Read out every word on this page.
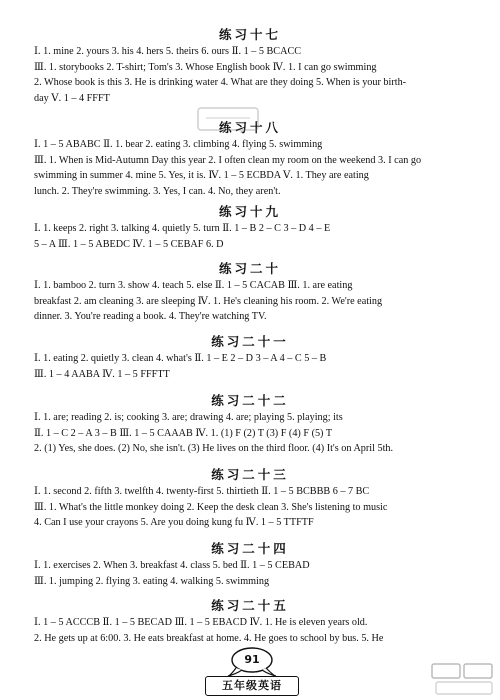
练习十七
Ⅰ. 1. mine 2. yours 3. his 4. hers 5. theirs 6. ours Ⅱ. 1 – 5 BCACC
Ⅲ. 1. storybooks 2. T-shirt; Tom's 3. Whose English book Ⅳ. 1. I can go swimming
2. Whose book is this 3. He is drinking water 4. What are they doing 5. When is your birth-
day Ⅴ. 1 – 4 FFFT
练习十八
Ⅰ. 1 – 5 ABABC Ⅱ. 1. bear 2. eating 3. climbing 4. flying 5. swimming
Ⅲ. 1. When is Mid-Autumn Day this year 2. I often clean my room on the weekend 3. I can go
swimming in summer 4. mine 5. Yes, it is. Ⅳ. 1 – 5 ECBDA Ⅴ. 1. They are eating
lunch. 2. They're swimming. 3. Yes, I can. 4. No, they aren't.
练习十九
Ⅰ. 1. keeps 2. right 3. talking 4. quietly 5. turn Ⅱ. 1 – B 2 – C 3 – D 4 – E
5 – A Ⅲ. 1 – 5 ABEDC Ⅳ. 1 – 5 CEBAF 6. D
练习二十
Ⅰ. 1. bamboo 2. turn 3. show 4. teach 5. else Ⅱ. 1 – 5 CACAB Ⅲ. 1. are eating
breakfast 2. am cleaning 3. are sleeping Ⅳ. 1. He's cleaning his room. 2. We're eating
dinner. 3. You're reading a book. 4. They're watching TV.
练习二十一
Ⅰ. 1. eating 2. quietly 3. clean 4. what's Ⅱ. 1 – E 2 – D 3 – A 4 – C 5 – B
Ⅲ. 1 – 4 AABA Ⅳ. 1 – 5 FFFTT
练习二十二
Ⅰ. 1. are; reading 2. is; cooking 3. are; drawing 4. are; playing 5. playing; its
Ⅱ. 1 – C 2 – A 3 – B Ⅲ. 1 – 5 CAAAB Ⅳ. 1. (1) F (2) T (3) F (4) F (5) T
2. (1) Yes, she does. (2) No, she isn't. (3) He lives on the third floor. (4) It's on April 5th.
练习二十三
Ⅰ. 1. second 2. fifth 3. twelfth 4. twenty-first 5. thirtieth Ⅱ. 1 – 5 BCBBB 6 – 7 BC
Ⅲ. 1. What's the little monkey doing 2. Keep the desk clean 3. She's listening to music
4. Can I use your crayons 5. Are you doing kung fu Ⅳ. 1 – 5 TTFTF
练习二十四
Ⅰ. 1. exercises 2. When 3. breakfast 4. class 5. bed Ⅱ. 1 – 5 CEBAD
Ⅲ. 1. jumping 2. flying 3. eating 4. walking 5. swimming
练习二十五
Ⅰ. 1 – 5 ACCCB Ⅱ. 1 – 5 BECAD Ⅲ. 1 – 5 EBACD Ⅳ. 1. He is eleven years old.
2. He gets up at 6:00. 3. He eats breakfast at home. 4. He goes to school by bus. 5. He
91
五年级英语
